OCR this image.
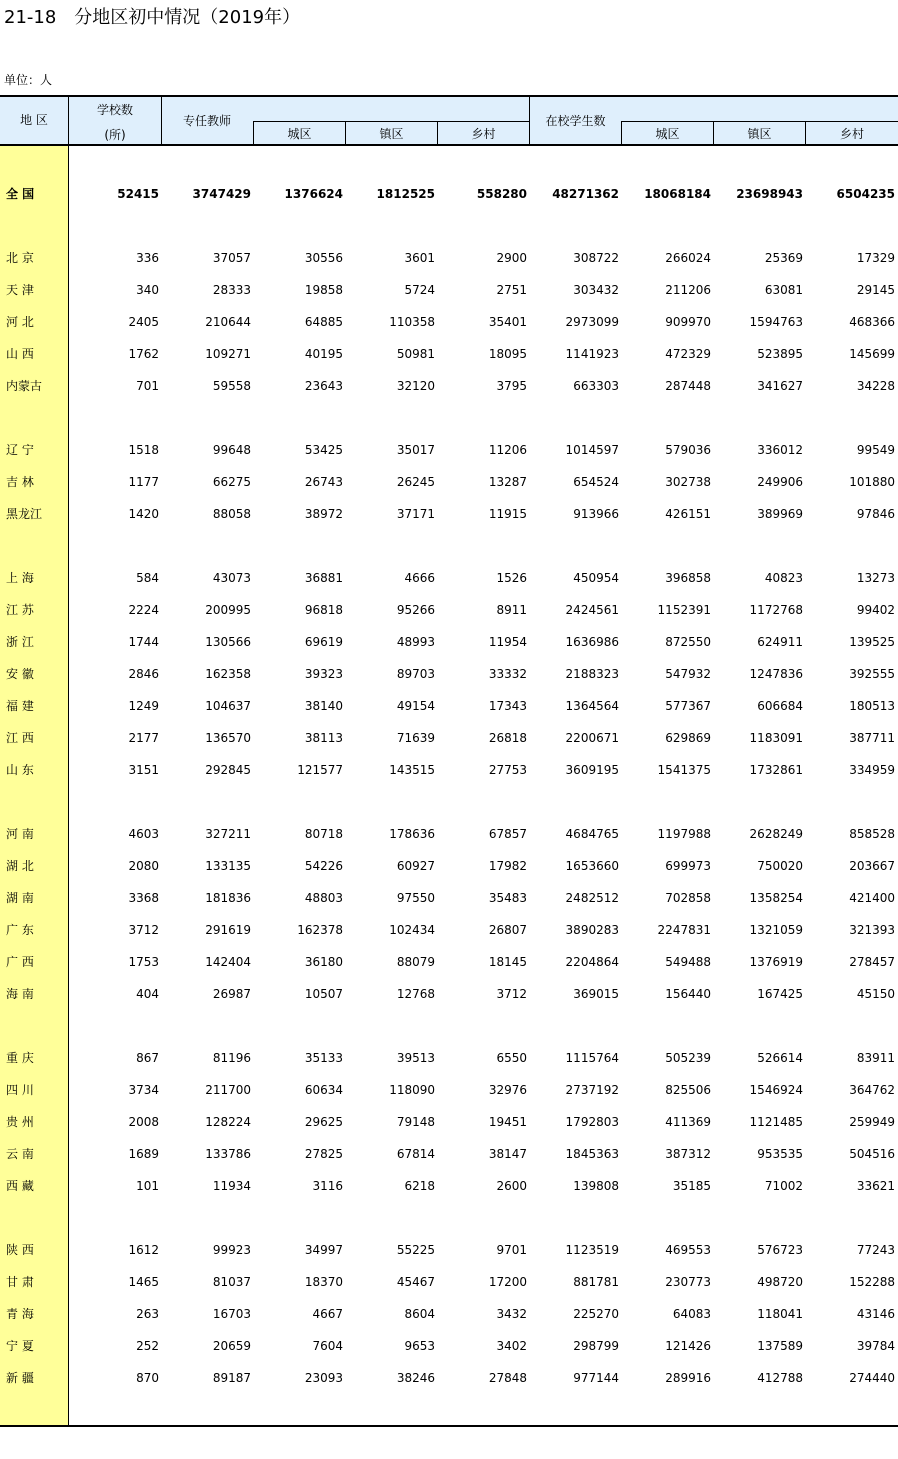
21-18　分地区初中情况（2019年）
单位：人
地 区
学校数
(所)
专任教师
城区	镇区	乡村
在校学生数
城区	镇区	乡村
全 国	52415	3747429	1376624	1812525	558280	48271362	18068184	23698943	6504235
北 京	336	37057	30556	3601	2900	308722	266024	25369	17329
天 津	340	28333	19858	5724	2751	303432	211206	63081	29145
河 北	2405	210644	64885	110358	35401	2973099	909970	1594763	468366
山 西	1762	109271	40195	50981	18095	1141923	472329	523895	145699
内蒙古	701	59558	23643	32120	3795	663303	287448	341627	34228
辽 宁	1518	99648	53425	35017	11206	1014597	579036	336012	99549
吉 林	1177	66275	26743	26245	13287	654524	302738	249906	101880
黑龙江	1420	88058	38972	37171	11915	913966	426151	389969	97846
上 海	584	43073	36881	4666	1526	450954	396858	40823	13273
江 苏	2224	200995	96818	95266	8911	2424561	1152391	1172768	99402
浙 江	1744	130566	69619	48993	11954	1636986	872550	624911	139525
安 徽	2846	162358	39323	89703	33332	2188323	547932	1247836	392555
福 建	1249	104637	38140	49154	17343	1364564	577367	606684	180513
江 西	2177	136570	38113	71639	26818	2200671	629869	1183091	387711
山 东	3151	292845	121577	143515	27753	3609195	1541375	1732861	334959
河 南	4603	327211	80718	178636	67857	4684765	1197988	2628249	858528
湖 北	2080	133135	54226	60927	17982	1653660	699973	750020	203667
湖 南	3368	181836	48803	97550	35483	2482512	702858	1358254	421400
广 东	3712	291619	162378	102434	26807	3890283	2247831	1321059	321393
广 西	1753	142404	36180	88079	18145	2204864	549488	1376919	278457
海 南	404	26987	10507	12768	3712	369015	156440	167425	45150
重 庆	867	81196	35133	39513	6550	1115764	505239	526614	83911
四 川	3734	211700	60634	118090	32976	2737192	825506	1546924	364762
贵 州	2008	128224	29625	79148	19451	1792803	411369	1121485	259949
云 南	1689	133786	27825	67814	38147	1845363	387312	953535	504516
西 藏	101	11934	3116	6218	2600	139808	35185	71002	33621
陕 西	1612	99923	34997	55225	9701	1123519	469553	576723	77243
甘 肃	1465	81037	18370	45467	17200	881781	230773	498720	152288
青 海	263	16703	4667	8604	3432	225270	64083	118041	43146
宁 夏	252	20659	7604	9653	3402	298799	121426	137589	39784
新 疆	870	89187	23093	38246	27848	977144	289916	412788	274440
